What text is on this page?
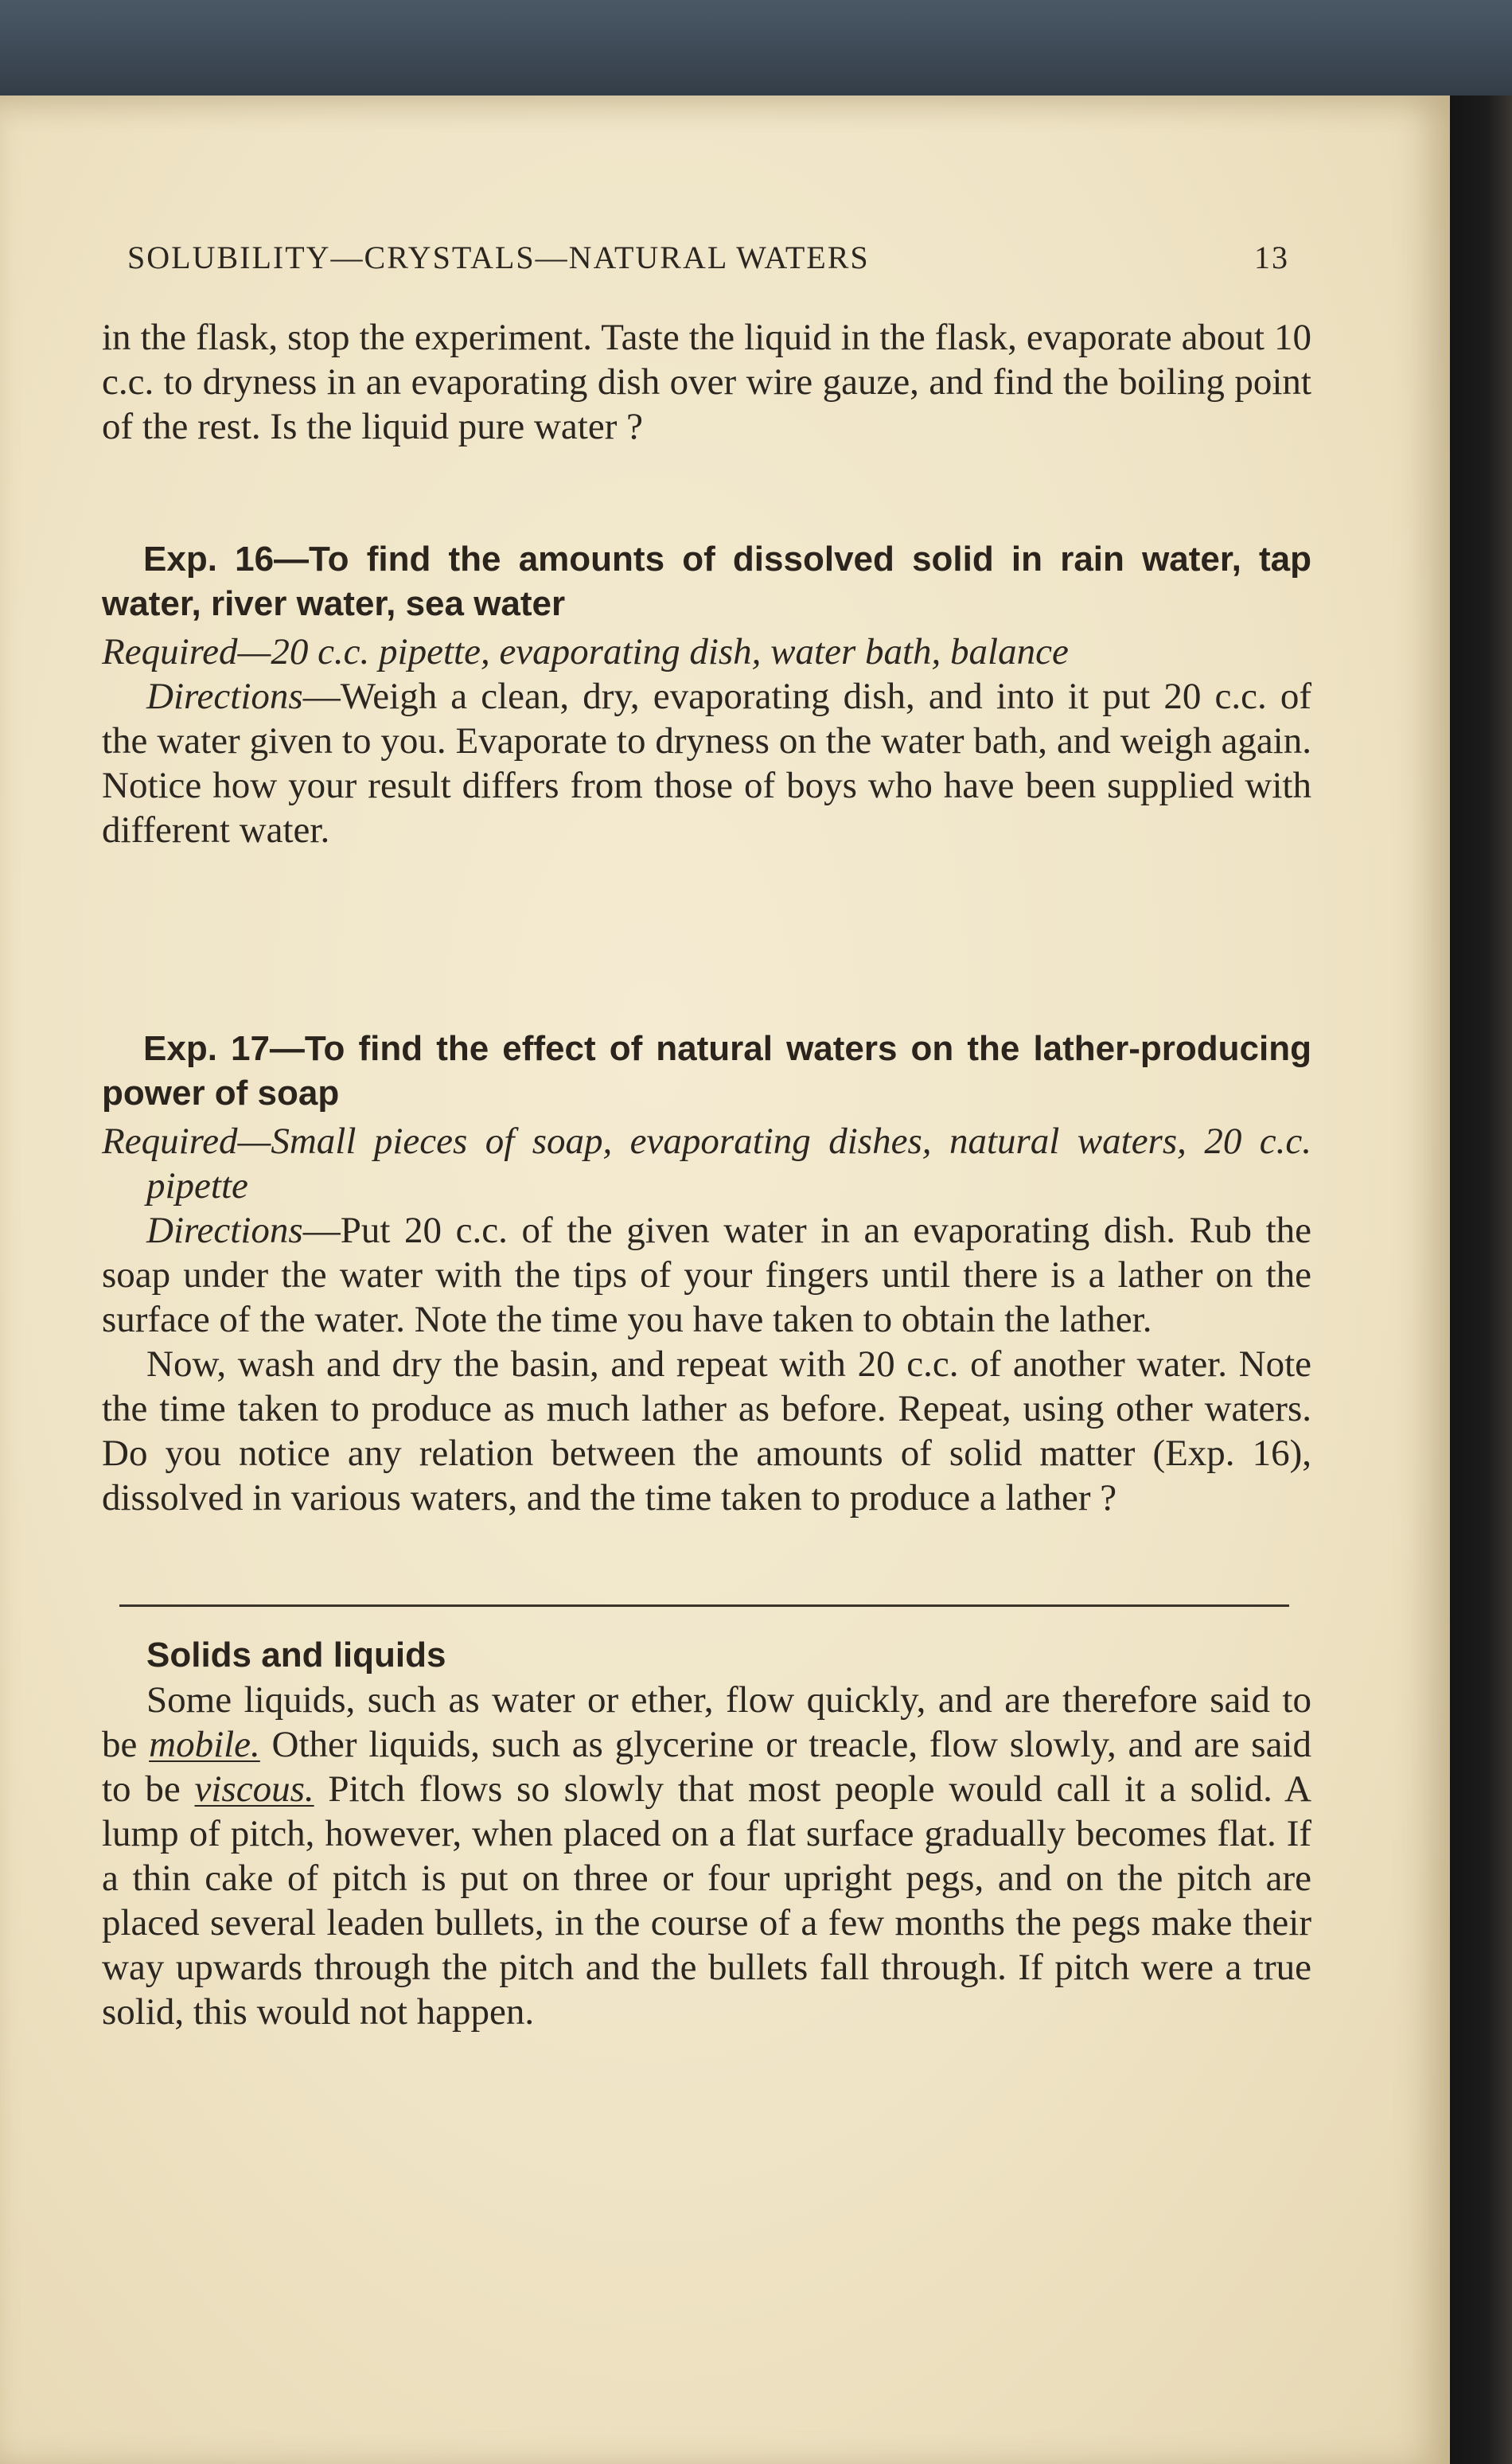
SOLUBILITY—CRYSTALS—NATURAL WATERS	13

in the flask, stop the experiment. Taste the liquid in the flask, evaporate about 10 c.c. to dryness in an evaporating dish over wire gauze, and find the boiling point of the rest. Is the liquid pure water ?

Exp. 16—To find the amounts of dissolved solid in rain water, tap water, river water, sea water

Required—20 c.c. pipette, evaporating dish, water bath, balance

Directions—Weigh a clean, dry, evaporating dish, and into it put 20 c.c. of the water given to you. Evaporate to dryness on the water bath, and weigh again. Notice how your result differs from those of boys who have been supplied with different water.

Exp. 17—To find the effect of natural waters on the lather-producing power of soap

Required—Small pieces of soap, evaporating dishes, natural waters, 20 c.c. pipette

Directions—Put 20 c.c. of the given water in an evaporating dish. Rub the soap under the water with the tips of your fingers until there is a lather on the surface of the water. Note the time you have taken to obtain the lather.

Now, wash and dry the basin, and repeat with 20 c.c. of another water. Note the time taken to produce as much lather as before. Repeat, using other waters. Do you notice any relation between the amounts of solid matter (Exp. 16), dissolved in various waters, and the time taken to produce a lather ?

Solids and liquids

Some liquids, such as water or ether, flow quickly, and are therefore said to be mobile. Other liquids, such as glycerine or treacle, flow slowly, and are said to be viscous. Pitch flows so slowly that most people would call it a solid. A lump of pitch, however, when placed on a flat surface gradually becomes flat. If a thin cake of pitch is put on three or four upright pegs, and on the pitch are placed several leaden bullets, in the course of a few months the pegs make their way upwards through the pitch and the bullets fall through. If pitch were a true solid, this would not happen.
